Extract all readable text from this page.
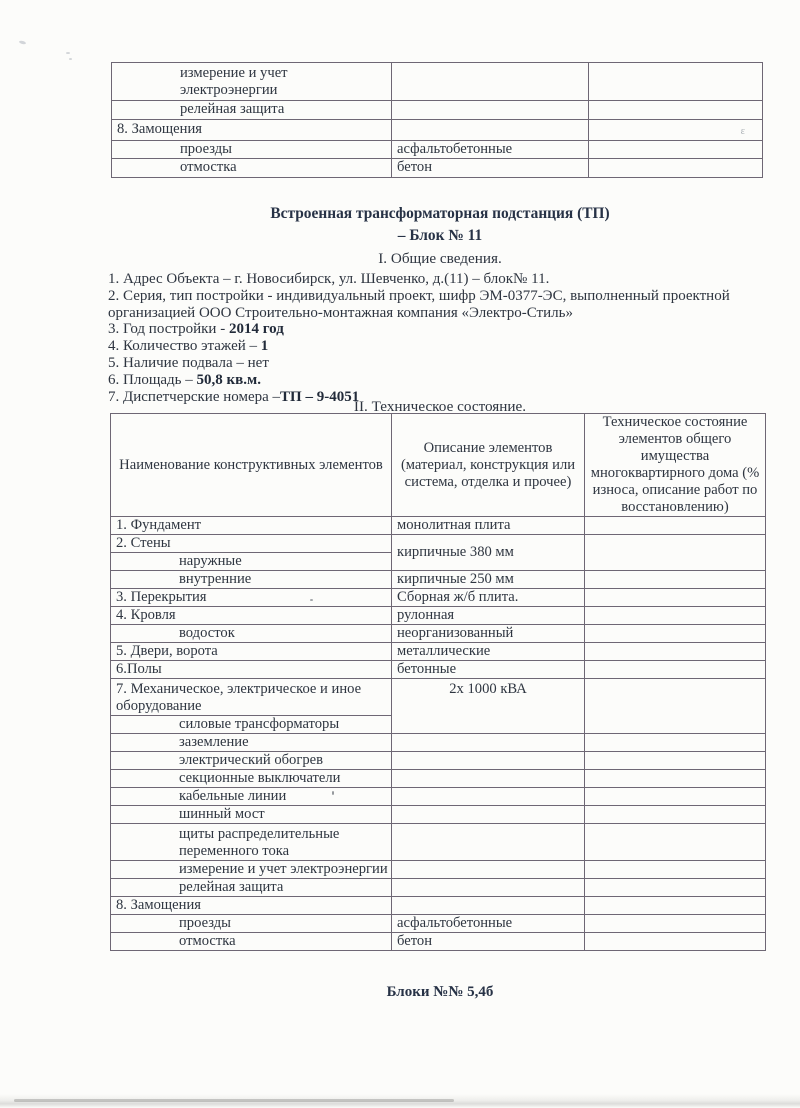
измерение и учет электроэнергии		
релейная защита		
8. Замощения		ε

проезды	асфальтобетонные	
отмостка	бетон	
Встроенная трансформаторная подстанция (ТП)
– Блок № 11
I. Общие сведения.
1. Адрес Объекта – г. Новосибирск, ул. Шевченко, д.(11) – блок№ 11.
2. Серия, тип постройки - индивидуальный проект, шифр ЭМ-0377-ЭС, выполненный проектной
организацией ООО Строительно-монтажная компания «Электро-Стиль»
3. Год постройки - 2014 год
4. Количество этажей – 1
5. Наличие подвала – нет
6. Площадь – 50,8 кв.м.
7. Диспетчерские номера –ТП – 9-4051
II. Техническое состояние.
Наименование конструктивных элементов	Описание элементов (материал, конструкция или система, отделка и прочее)	Техническое состояние элементов общего имущества многоквартирного дома (% износа, описание работ по восстановлению)
1. Фундамент	монолитная плита	
2. Стены	кирпичные 380 мм	
наружные		
внутренние	кирпичные 250 мм	
3. Перекрытия	Сборная ж/б плита.	
4. Кровля	рулонная	
водосток	неорганизованный	
5. Двери, ворота	металлические	
6.Полы	бетонные	
7. Механическое, электрическое и иное оборудование	2х 1000 кВА	
силовые трансформаторы		
заземление		
электрический обогрев		
секционные выключатели		
кабельные линии		
шинный мост		
щиты распределительные переменного тока		
измерение и учет электроэнергии		
релейная защита		
8. Замощения		
проезды	асфальтобетонные	
отмостка	бетон	
Блоки №№ 5,4б
